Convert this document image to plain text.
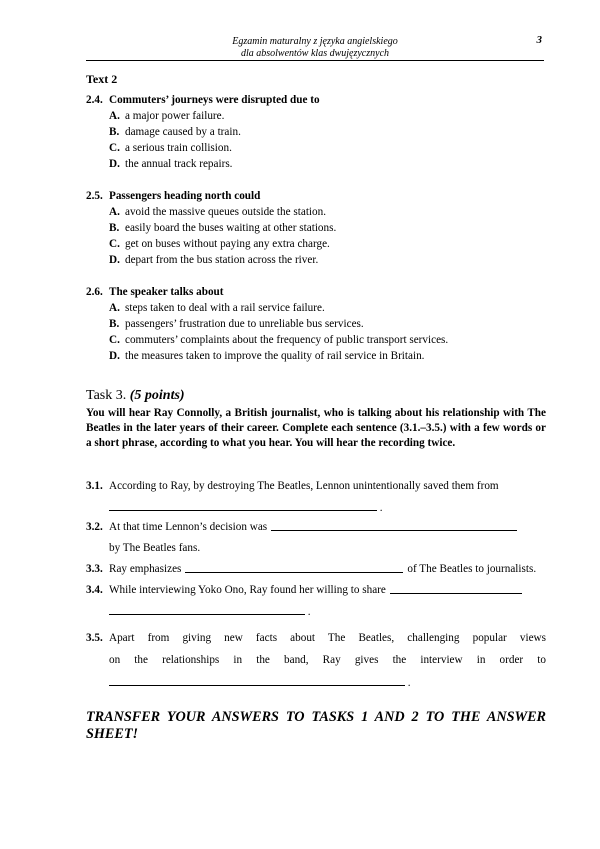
Egzamin maturalny z języka angielskiego
dla absolwentów klas dwujęzycznych
3
Text 2
2.4. Commuters’ journeys were disrupted due to
A. a major power failure.
B. damage caused by a train.
C. a serious train collision.
D. the annual track repairs.
2.5. Passengers heading north could
A. avoid the massive queues outside the station.
B. easily board the buses waiting at other stations.
C. get on buses without paying any extra charge.
D. depart from the bus station across the river.
2.6. The speaker talks about
A. steps taken to deal with a rail service failure.
B. passengers’ frustration due to unreliable bus services.
C. commuters’ complaints about the frequency of public transport services.
D. the measures taken to improve the quality of rail service in Britain.
Task 3. (5 points)
You will hear Ray Connolly, a British journalist, who is talking about his relationship with The Beatles in the later years of their career. Complete each sentence (3.1.–3.5.) with a few words or a short phrase, according to what you hear. You will hear the recording twice.
3.1. According to Ray, by destroying The Beatles, Lennon unintentionally saved them from
.
3.2. At that time Lennon’s decision was
by The Beatles fans.
3.3. Ray emphasizes	of The Beatles to journalists.
3.4. While interviewing Yoko Ono, Ray found her willing to share
.
3.5. Apart from giving new facts about The Beatles, challenging popular views
on the relationships in the band, Ray gives the interview in order to
.
TRANSFER YOUR ANSWERS TO TASKS 1 AND 2 TO THE ANSWER SHEET!
